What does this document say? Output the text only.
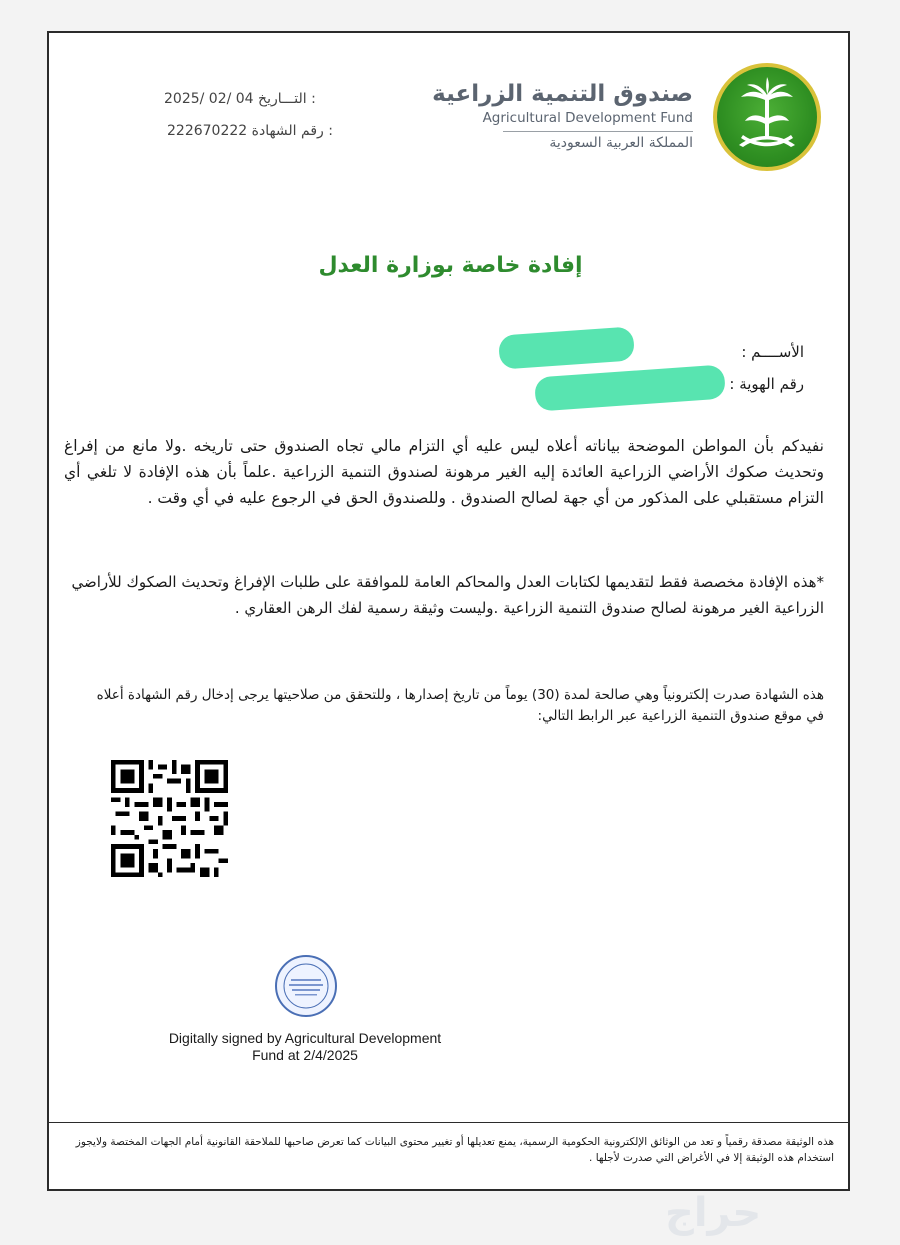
صندوق التنمية الزراعية
Agricultural Development Fund
المملكة العربية السعودية
2025/ 02/ 04 التـــاريخ :
222670222 رقم الشهادة :
إفادة خاصة بوزارة العدل
الأســــم :
رقم الهوية :
نفيدكم بأن المواطن الموضحة بياناته أعلاه ليس عليه أي التزام مالي تجاه الصندوق حتى تاريخه .ولا مانع من إفراغ وتحديث صكوك الأراضي الزراعية العائدة إليه الغير مرهونة لصندوق التنمية الزراعية .علماً بأن هذه الإفادة لا تلغي أي التزام مستقبلي على المذكور من أي جهة لصالح الصندوق . وللصندوق الحق في الرجوع عليه في أي وقت .
*هذه الإفادة مخصصة فقط لتقديمها لكتابات العدل والمحاكم العامة للموافقة على طلبات الإفراغ وتحديث الصكوك للأراضي الزراعية الغير مرهونة لصالح صندوق التنمية الزراعية .وليست وثيقة رسمية لفك الرهن العقاري .
هذه الشهادة صدرت إلكترونياً وهي صالحة لمدة (30) يوماً من تاريخ إصدارها ، وللتحقق من صلاحيتها يرجى إدخال رقم الشهادة أعلاه في موقع صندوق التنمية الزراعية عبر الرابط التالي:
Digitally signed by Agricultural Development
Fund at 2/4/2025
هذه الوثيقة مصدقة رقمياً و تعد من الوثائق الإلكترونية الحكومية الرسمية، يمنع تعديلها أو تغيير محتوى البيانات كما تعرض صاحبها للملاحقة القانونية أمام الجهات المختصة ولايجوز استخدام هذه الوثيقة إلا في الأغراض التي صدرت لأجلها .
حراج
